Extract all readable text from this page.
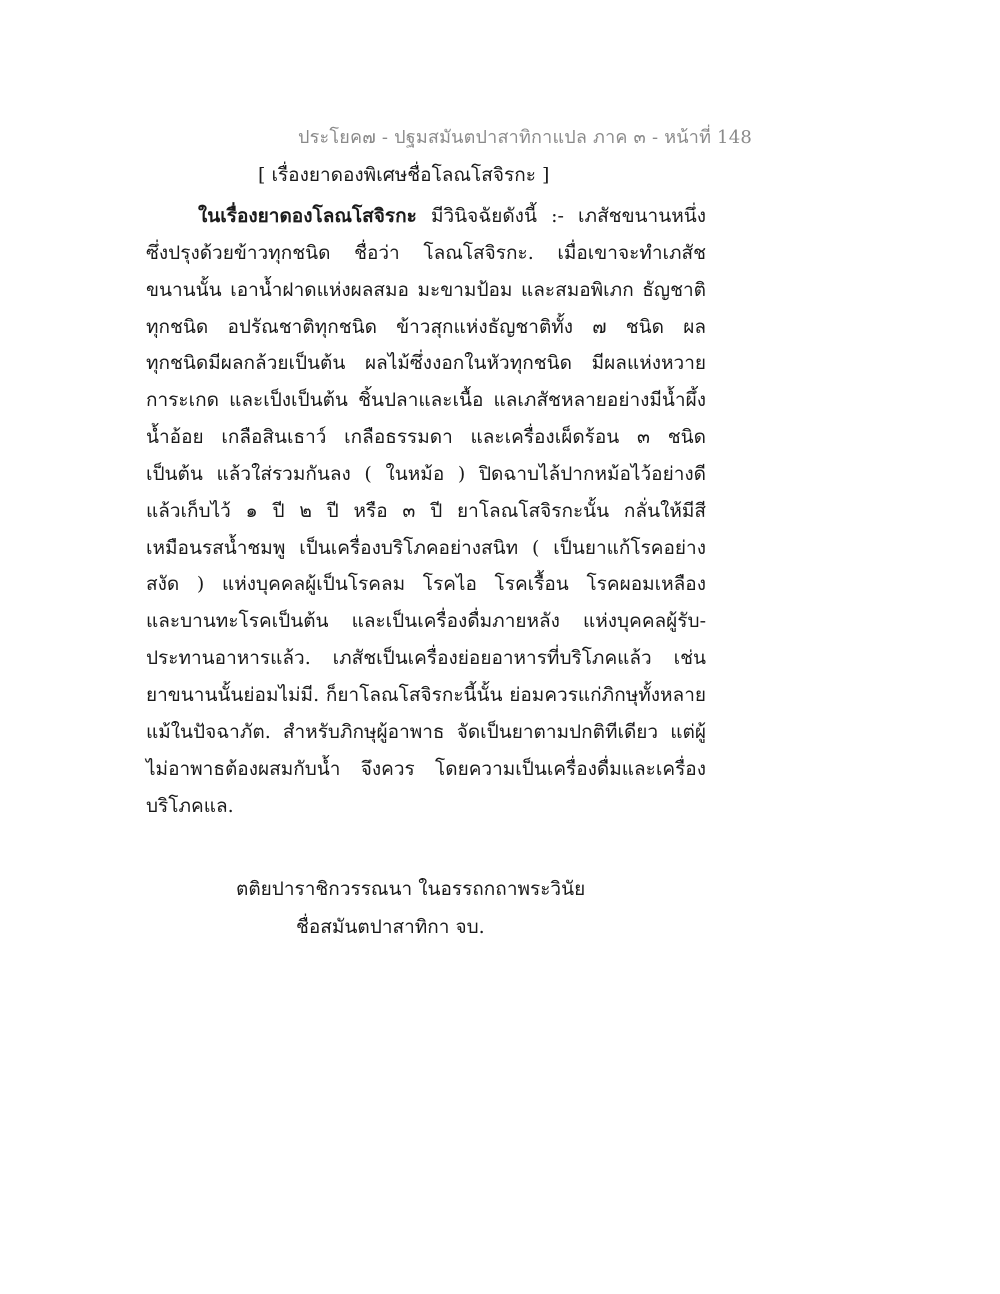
ประโยค๗ - ปฐมสมันตปาสาทิกาแปล ภาค ๓ - หน้าที่ 148
[ เรื่องยาดองพิเศษชื่อโลณโสจิรกะ ]
ในเรื่องยาดองโลณโสจิรกะ มีวินิจฉัยดังนี้ :- เภสัชขนานหนึ่ง
ซึ่งปรุงด้วยข้าวทุกชนิด ชื่อว่า โลณโสจิรกะ. เมื่อเขาจะทำเภสัช
ขนานนั้น เอาน้ำฝาดแห่งผลสมอ มะขามป้อม และสมอพิเภก ธัญชาติ
ทุกชนิด อปรัณชาติทุกชนิด ข้าวสุกแห่งธัญชาติทั้ง ๗ ชนิด ผล
ทุกชนิดมีผลกล้วยเป็นต้น ผลไม้ซึ่งงอกในหัวทุกชนิด มีผลแห่งหวาย
การะเกด และเป็งเป็นต้น ชิ้นปลาและเนื้อ แลเภสัชหลายอย่างมีน้ำผึ้ง
น้ำอ้อย เกลือสินเธาว์ เกลือธรรมดา และเครื่องเผ็ดร้อน ๓ ชนิด
เป็นต้น แล้วใส่รวมกันลง ( ในหม้อ ) ปิดฉาบไล้ปากหม้อไว้อย่างดี
แล้วเก็บไว้ ๑ ปี ๒ ปี หรือ ๓ ปี ยาโลณโสจิรกะนั้น กลั่นให้มีสี
เหมือนรสน้ำชมพู เป็นเครื่องบริโภคอย่างสนิท ( เป็นยาแก้โรคอย่าง
สงัด ) แห่งบุคคลผู้เป็นโรคลม โรคไอ โรคเรื้อน โรคผอมเหลือง
และบานทะโรคเป็นต้น และเป็นเครื่องดื่มภายหลัง แห่งบุคคลผู้รับ-
ประทานอาหารแล้ว. เภสัชเป็นเครื่องย่อยอาหารที่บริโภคแล้ว เช่น
ยาขนานนั้นย่อมไม่มี. ก็ยาโลณโสจิรกะนี้นั้น ย่อมควรแก่ภิกษุทั้งหลาย
แม้ในปัจฉาภัต. สำหรับภิกษุผู้อาพาธ จัดเป็นยาตามปกติทีเดียว แต่ผู้
ไม่อาพาธต้องผสมกับน้ำ จึงควร โดยความเป็นเครื่องดื่มและเครื่อง
บริโภคแล.
ตติยปาราชิกวรรณนา ในอรรถกถาพระวินัย
ชื่อสมันตปาสาทิกา จบ.
